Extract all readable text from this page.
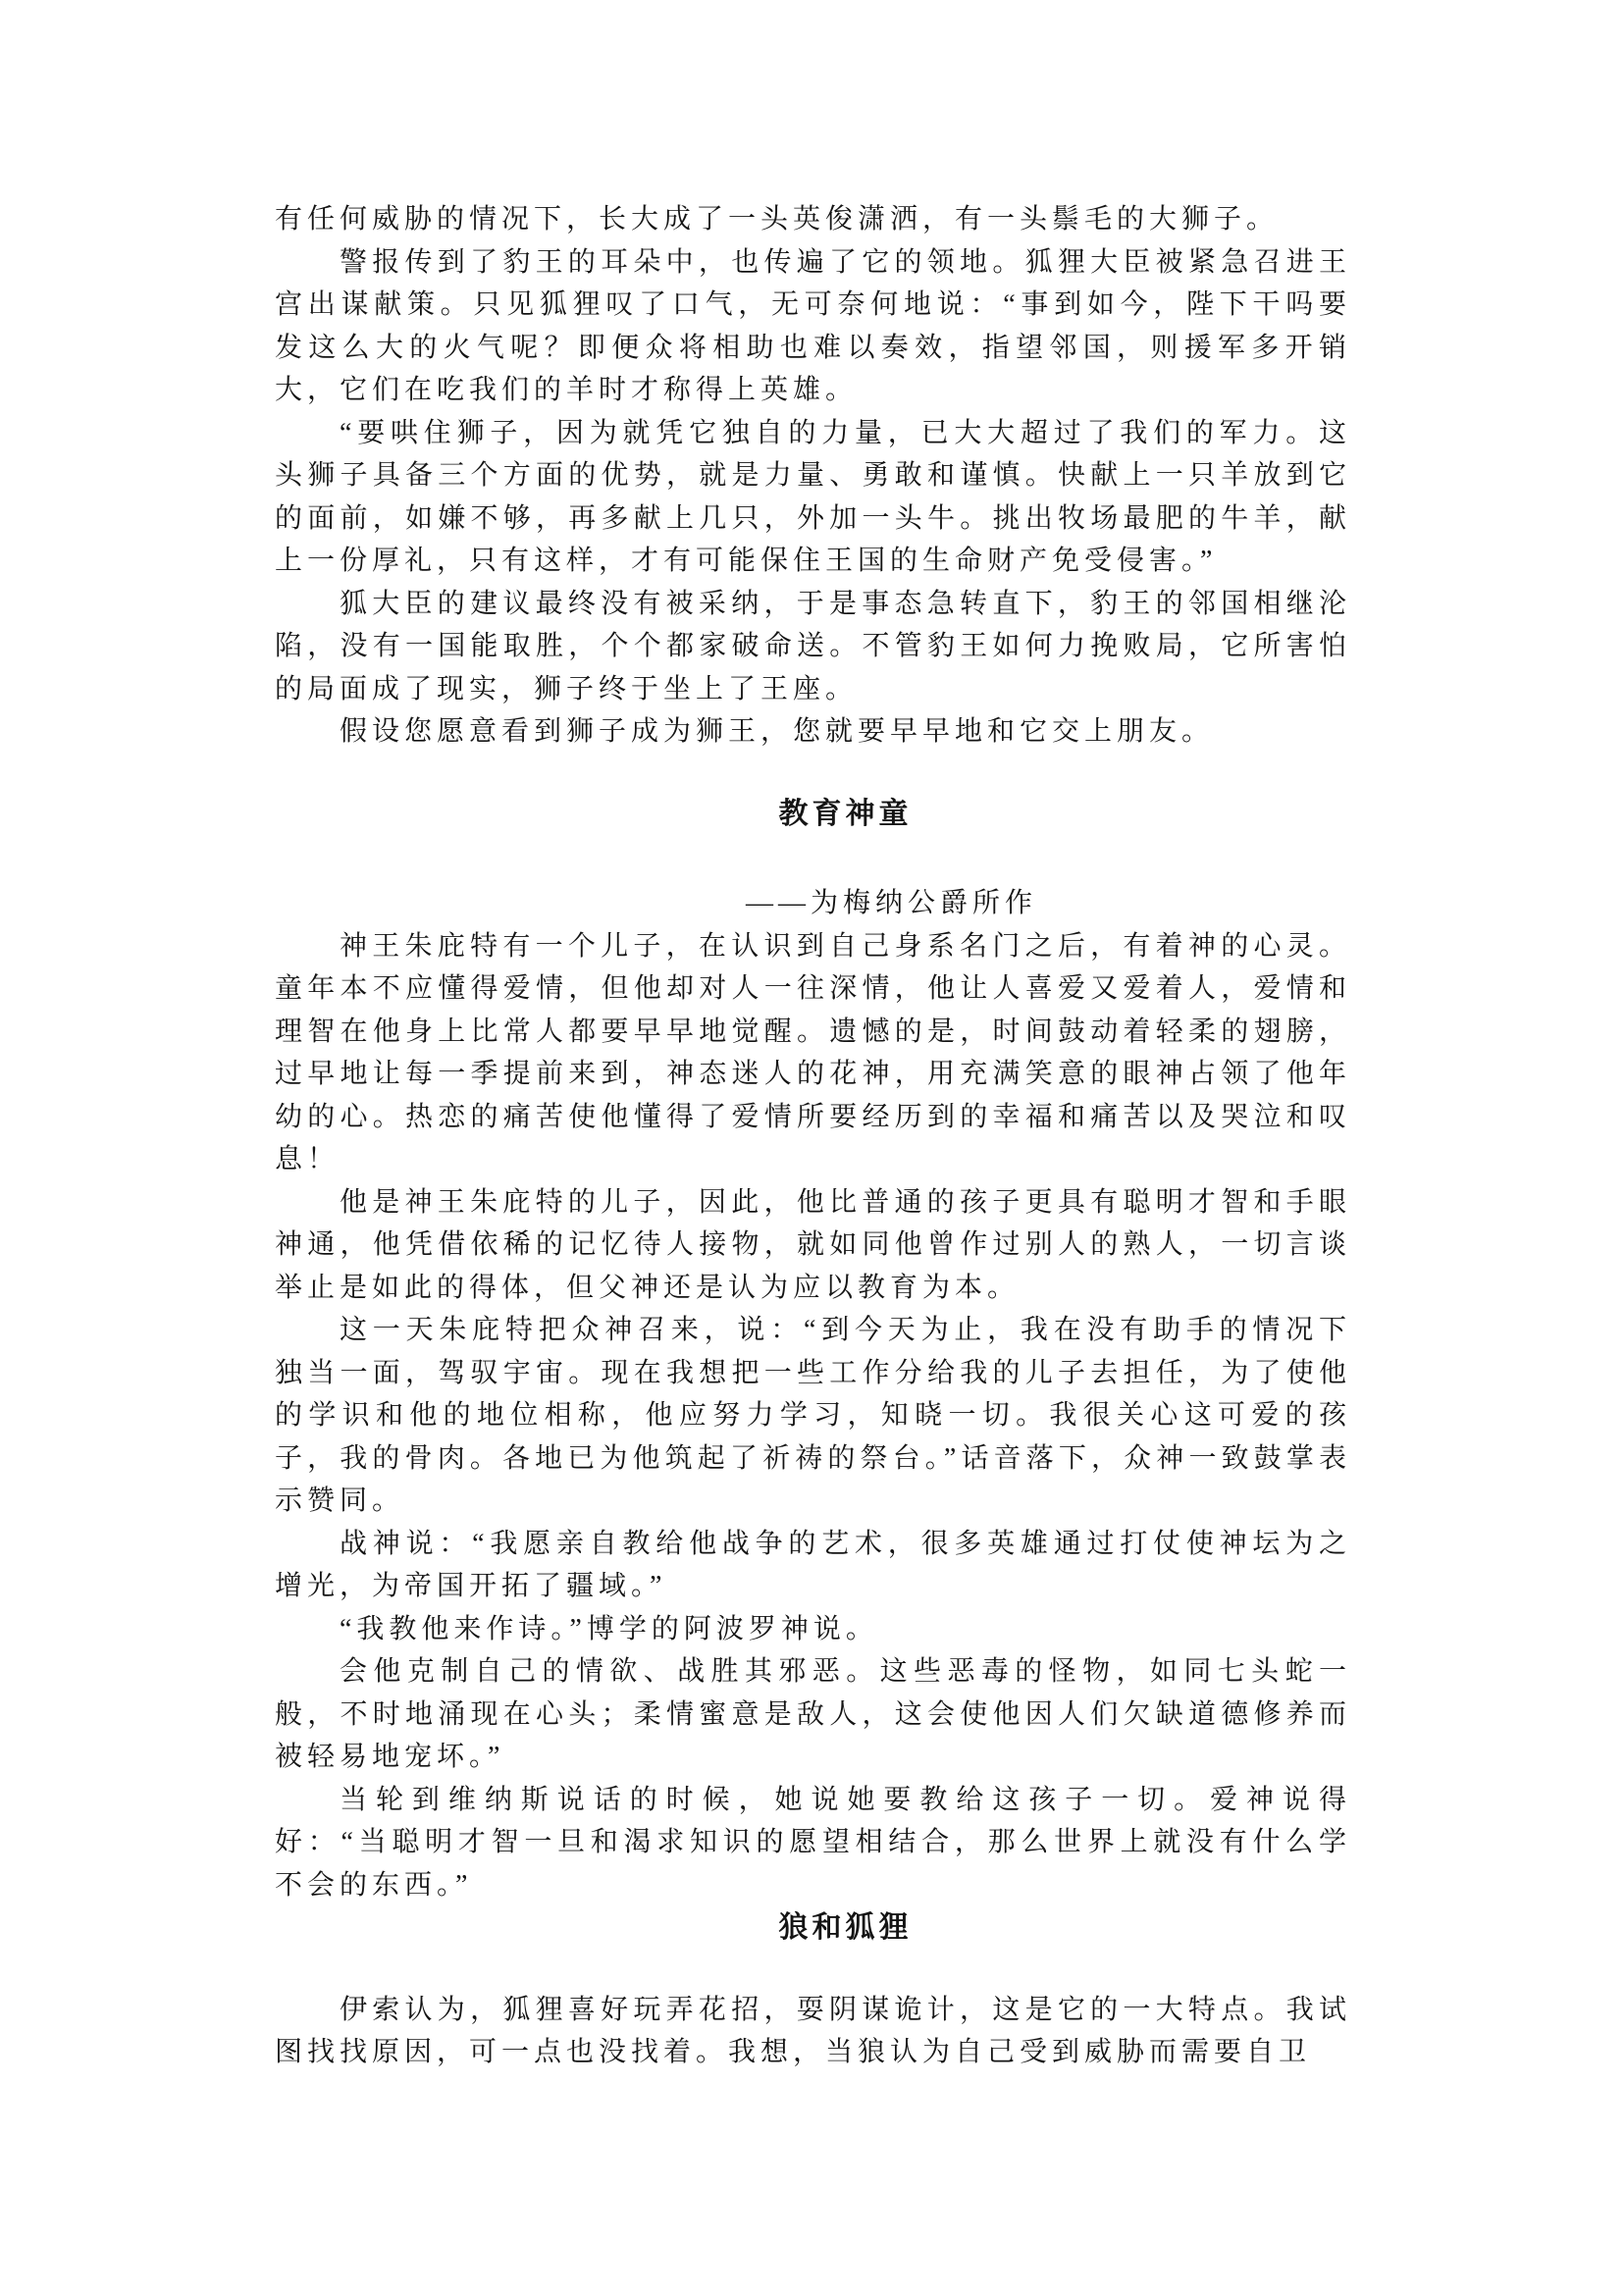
有任何威胁的情况下，长大成了一头英俊潇洒，有一头鬃毛的大狮子。

警报传到了豹王的耳朵中，也传遍了它的领地。狐狸大臣被紧急召进王宫出谋献策。只见狐狸叹了口气，无可奈何地说：“事到如今，陛下干吗要发这么大的火气呢？即便众将相助也难以奏效，指望邻国，则援军多开销大，它们在吃我们的羊时才称得上英雄。

“要哄住狮子，因为就凭它独自的力量，已大大超过了我们的军力。这头狮子具备三个方面的优势，就是力量、勇敢和谨慎。快献上一只羊放到它的面前，如嫌不够，再多献上几只，外加一头牛。挑出牧场最肥的牛羊，献上一份厚礼，只有这样，才有可能保住王国的生命财产免受侵害。”

狐大臣的建议最终没有被采纳，于是事态急转直下，豹王的邻国相继沦陷，没有一国能取胜，个个都家破命送。不管豹王如何力挽败局，它所害怕的局面成了现实，狮子终于坐上了王座。

假设您愿意看到狮子成为狮王，您就要早早地和它交上朋友。

教育神童

——为梅纳公爵所作

神王朱庇特有一个儿子，在认识到自己身系名门之后，有着神的心灵。童年本不应懂得爱情，但他却对人一往深情，他让人喜爱又爱着人，爱情和理智在他身上比常人都要早早地觉醒。遗憾的是，时间鼓动着轻柔的翅膀，过早地让每一季提前来到，神态迷人的花神，用充满笑意的眼神占领了他年幼的心。热恋的痛苦使他懂得了爱情所要经历到的幸福和痛苦以及哭泣和叹息！

他是神王朱庇特的儿子，因此，他比普通的孩子更具有聪明才智和手眼神通，他凭借依稀的记忆待人接物，就如同他曾作过别人的熟人，一切言谈举止是如此的得体，但父神还是认为应以教育为本。

这一天朱庇特把众神召来，说：“到今天为止，我在没有助手的情况下独当一面，驾驭宇宙。现在我想把一些工作分给我的儿子去担任，为了使他的学识和他的地位相称，他应努力学习，知晓一切。我很关心这可爱的孩子，我的骨肉。各地已为他筑起了祈祷的祭台。”话音落下，众神一致鼓掌表示赞同。

战神说：“我愿亲自教给他战争的艺术，很多英雄通过打仗使神坛为之增光，为帝国开拓了疆域。”

“我教他来作诗。”博学的阿波罗神说。

会他克制自己的情欲、战胜其邪恶。这些恶毒的怪物，如同七头蛇一般，不时地涌现在心头；柔情蜜意是敌人，这会使他因人们欠缺道德修养而被轻易地宠坏。”

当轮到维纳斯说话的时候，她说她要教给这孩子一切。爱神说得好：“当聪明才智一旦和渴求知识的愿望相结合，那么世界上就没有什么学不会的东西。”

狼和狐狸

伊索认为，狐狸喜好玩弄花招，耍阴谋诡计，这是它的一大特点。我试图找找原因，可一点也没找着。我想，当狼认为自己受到威胁而需要自卫
